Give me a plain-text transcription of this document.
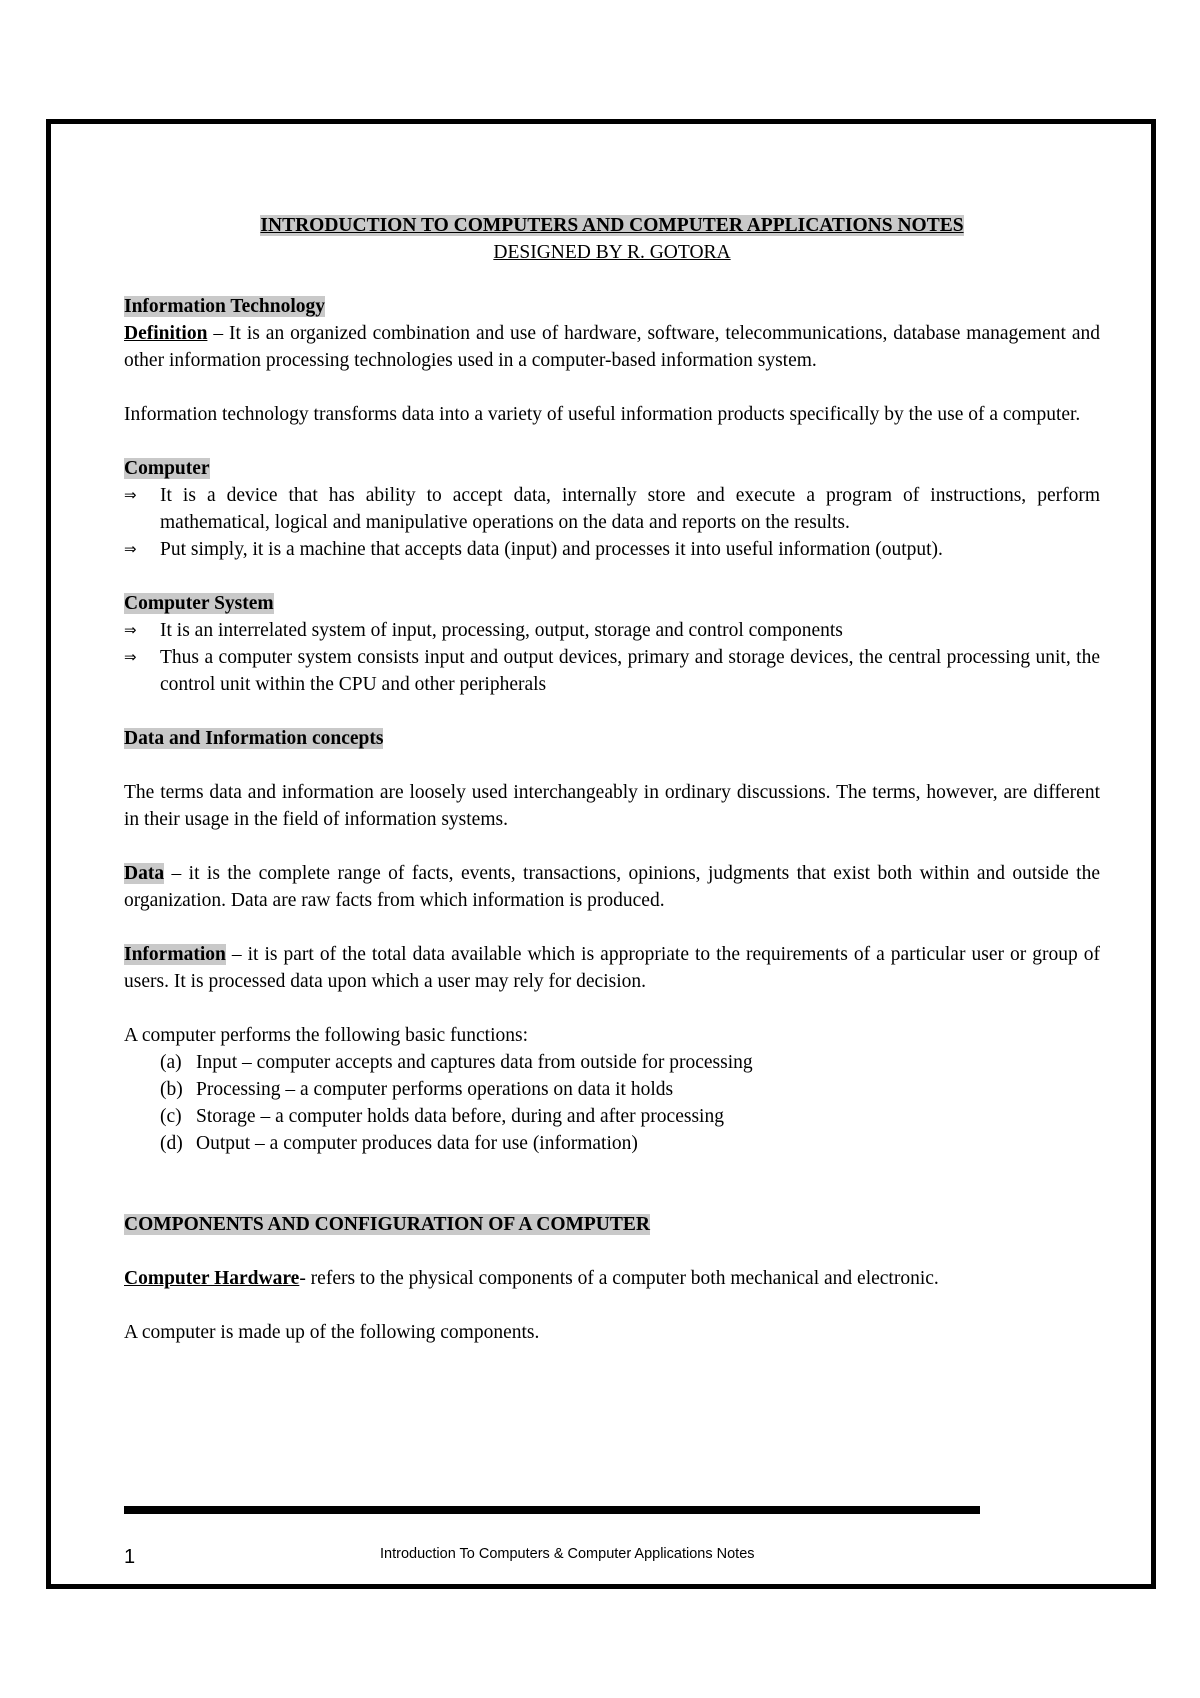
INTRODUCTION TO COMPUTERS AND COMPUTER APPLICATIONS NOTES
DESIGNED BY R. GOTORA
Information Technology
Definition – It is an organized combination and use of hardware, software, telecommunications, database management and other information processing technologies used in a computer-based information system.
Information technology transforms data into a variety of useful information products specifically by the use of a computer.
Computer
⇒ It is a device that has ability to accept data, internally store and execute a program of instructions, perform mathematical, logical and manipulative operations on the data and reports on the results.
⇒ Put simply, it is a machine that accepts data (input) and processes it into useful information (output).
Computer System
⇒ It is an interrelated system of input, processing, output, storage and control components
⇒ Thus a computer system consists input and output devices, primary and storage devices, the central processing unit, the control unit within the CPU and other peripherals
Data and Information concepts
The terms data and information are loosely used interchangeably in ordinary discussions. The terms, however, are different in their usage in the field of information systems.
Data – it is the complete range of facts, events, transactions, opinions, judgments that exist both within and outside the organization. Data are raw facts from which information is produced.
Information – it is part of the total data available which is appropriate to the requirements of a particular user or group of users. It is processed data upon which a user may rely for decision.
A computer performs the following basic functions:
(a) Input – computer accepts and captures data from outside for processing
(b) Processing – a computer performs operations on data it holds
(c) Storage – a computer holds data before, during and after processing
(d) Output – a computer produces data for use (information)
COMPONENTS AND CONFIGURATION OF A COMPUTER
Computer Hardware- refers to the physical components of a computer both mechanical and electronic.
A computer is made up of the following components.
1	Introduction To Computers & Computer Applications Notes
